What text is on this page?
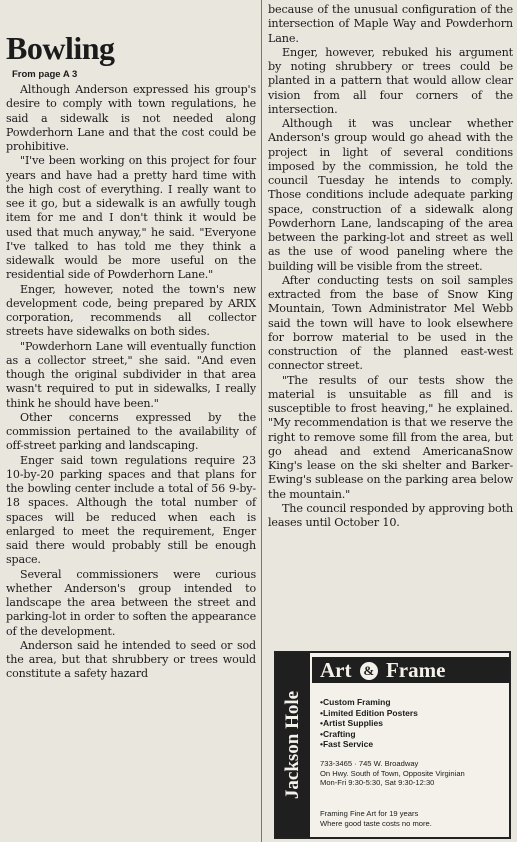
Bowling
From page A 3

Although Anderson expressed his group's desire to comply with town regulations, he said a sidewalk is not needed along Powderhorn Lane and that the cost could be prohibitive.

"I've been working on this project for four years and have had a pretty hard time with the high cost of everything. I really want to see it go, but a sidewalk is an awfully tough item for me and I don't think it would be used that much anyway," he said. "Everyone I've talked to has told me they think a sidewalk would be more useful on the residential side of Powderhorn Lane."

Enger, however, noted the town's new development code, being prepared by ARIX corporation, recommends all collector streets have sidewalks on both sides.

"Powderhorn Lane will eventually function as a collector street," she said. "And even though the original subdivider in that area wasn't required to put in sidewalks, I really think he should have been."

Other concerns expressed by the commission pertained to the availability of off-street parking and landscaping.

Enger said town regulations require 23 10-by-20 parking spaces and that plans for the bowling center include a total of 56 9-by-18 spaces. Although the total number of spaces will be reduced when each is enlarged to meet the requirement, Enger said there would probably still be enough space.

Several commissioners were curious whether Anderson's group intended to landscape the area between the street and parking-lot in order to soften the appearance of the development.

Anderson said he intended to seed or sod the area, but that shrubbery or trees would constitute a safety hazard

because of the unusual configuration of the intersection of Maple Way and Powderhorn Lane.

Enger, however, rebuked his argument by noting shrubbery or trees could be planted in a pattern that would allow clear vision from all four corners of the intersection.

Although it was unclear whether Anderson's group would go ahead with the project in light of several conditions imposed by the commission, he told the council Tuesday he intends to comply. Those conditions include adequate parking space, construction of a sidewalk along Powderhorn Lane, landscaping of the area between the parking-lot and street as well as the use of wood paneling where the building will be visible from the street.

After conducting tests on soil samples extracted from the base of Snow King Mountain, Town Administrator Mel Webb said the town will have to look elsewhere for borrow material to be used in the construction of the planned east-west connector street.

"The results of our tests show the material is unsuitable as fill and is susceptible to frost heaving," he explained. "My recommendation is that we reserve the right to remove some fill from the area, but go ahead and extend AmericanaSnow King's lease on the ski shelter and Barker-Ewing's sublease on the parking area below the mountain."

The council responded by approving both leases until October 10.

Jackson Hole
Art & Frame
• Custom Framing
• Limited Edition Posters
• Artist Supplies
• Crafting
• Fast Service
733-3465 · 745 W. Broadway
On Hwy. South of Town, Opposite Virginian
Mon-Fri 9:30-5:30, Sat 9:30-12:30
Framing Fine Art for 19 years
Where good taste costs no more.
